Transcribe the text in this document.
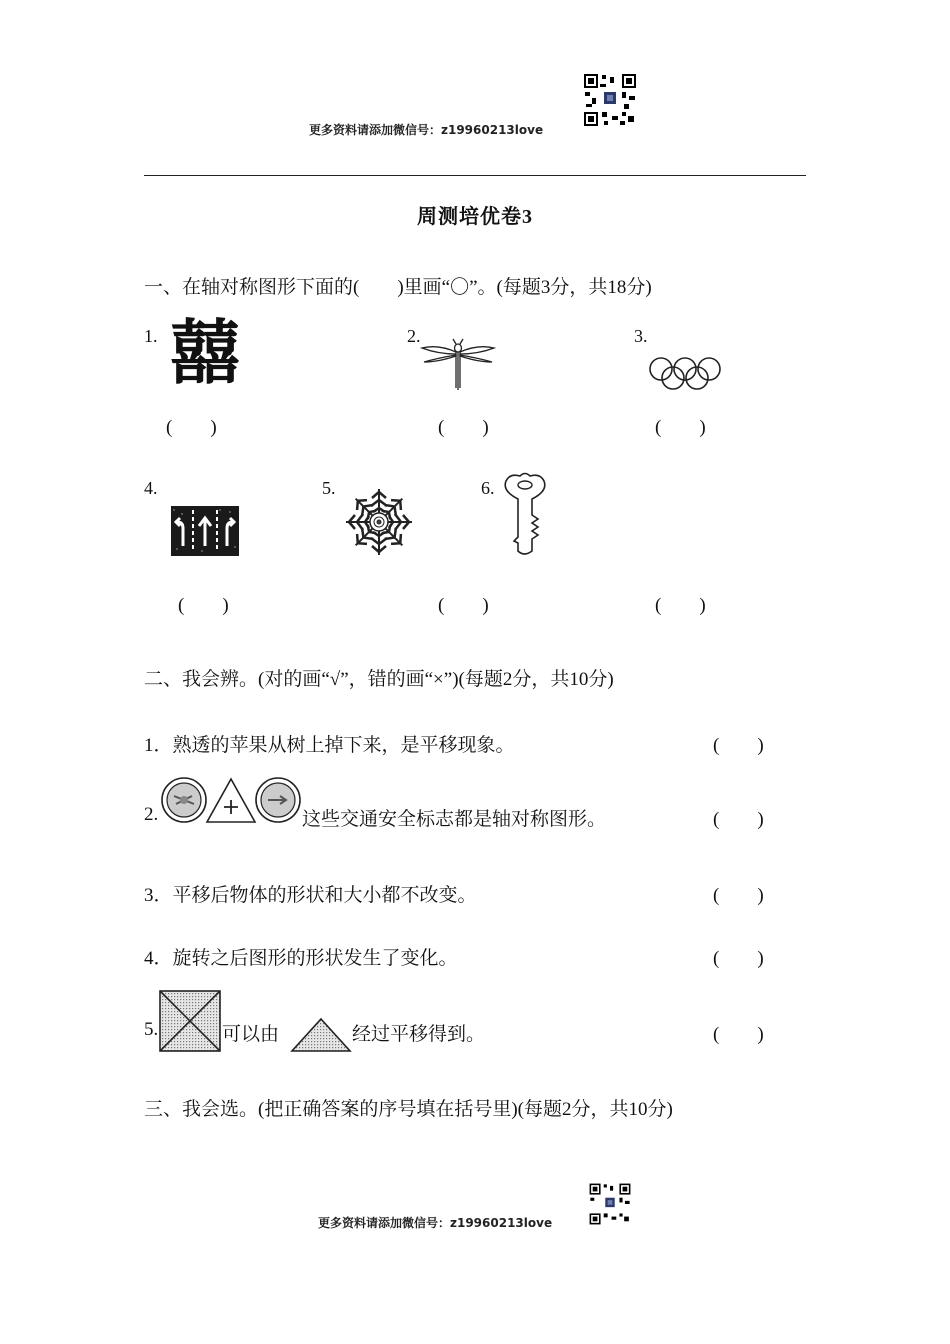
更多资料请添加微信号：z19960213love
周测培优卷3
一、在轴对称图形下面的(　　)里画“〇”。(每题3分，共18分)
1. 囍
(　　)
2.
(　　)
3.
(　　)
4.
(　　)
5.
(　　)
6.
(　　)
二、我会辨。(对的画“√”，错的画“×”)(每题2分，共10分)
1．熟透的苹果从树上掉下来，是平移现象。	(　　)
2.	这些交通安全标志都是轴对称图形。	(　　)
3．平移后物体的形状和大小都不改变。	(　　)
4．旋转之后图形的形状发生了变化。	(　　)
5.	可以由	经过平移得到。	(　　)
三、我会选。(把正确答案的序号填在括号里)(每题2分，共10分)
更多资料请添加微信号：z19960213love
